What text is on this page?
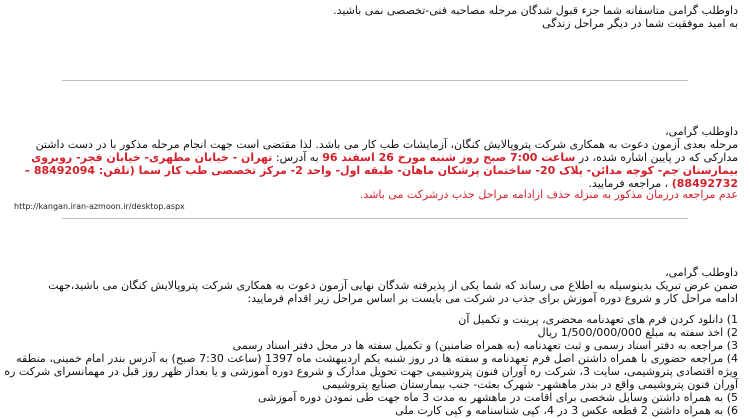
داوطلب گرامی متاسفانه شما جزء قبول شدگان مرحله مصاحبه فنی-تخصصی نمی باشید.
به امید موفقیت شما در دیگر مراحل زندگی
داوطلب گرامی،
مرحله بعدی آزمون دعوت به همکاری شرکت پتروپالایش کنگان، آزمایشات طب کار می باشد. لذا مقتضی است جهت انجام مرحله مذکور با در دست داشتن
مدارکی که در پایین اشاره شده، در ساعت 7:00 صبح روز شنبه مورخ 26 اسفند 96 به آدرس: تهران - خیابان مطهری- خیابان فجر- روبروی
بیمارستان جم- کوچه مدائن- پلاک 20- ساختمان پزشکان ماهان- طبقه اول- واحد 2- مرکز تخصصی طب کار سما (تلفن: 88492094 –
88492732) ، مراجعه فرمایید.
عدم مراجعه درزمان مذکور به منزله حذف ازادامه مراحل جذب درشرکت می باشد.
http://kangan.iran-azmoon.ir/desktop.aspx
داوطلب گرامی،
ضمن عرض تبریک بدینوسیله به اطلاع می رساند که شما یکی از پذیرفته شدگان نهایی آزمون دعوت به همکاری شرکت پتروپالایش کنگان می باشید،جهت
ادامه مراحل کار و شروع دوره آموزش برای جذب در شرکت می بایست بر اساس مراحل زیر اقدام فرمایید:
1) دانلود کردن فرم های تعهدنامه محضری، پرینت و تکمیل آن
2) اخذ سفته به مبلغ 1/500/000/000 ریال
3) مراجعه به دفتر اسناد رسمی و ثبت تعهدنامه (به همراه ضامنین) و تکمیل سفته ها در محل دفتر اسناد رسمی
4) مراجعه حضوری با همراه داشتن اصل فرم تعهدنامه و سفته ها در روز شنبه یکم اردیبهشت ماه 1397 (ساعت 7:30 صبح) به آدرس بندر امام خمینی، منطقه
ویژه اقتصادی پتروشیمی، سایت 3، شرکت ره آوران فنون پتروشیمی جهت تحویل مدارک و شروع دوره آموزشی و یا بعداز ظهر روز قبل در مهمانسرای شرکت ره
آوران فنون پتروشیمی واقع در بندر ماهشهر- شهرک بعثت- جنب بیمارستان صنایع پتروشیمی
5) به همراه داشتن وسایل شخصی برای اقامت در ماهشهر به مدت 3 ماه جهت طی نمودن دوره آموزشی
6) به همراه داشتن 2 قطعه عکس 3 در 4، کپی شناسنامه و کپی کارت ملی
